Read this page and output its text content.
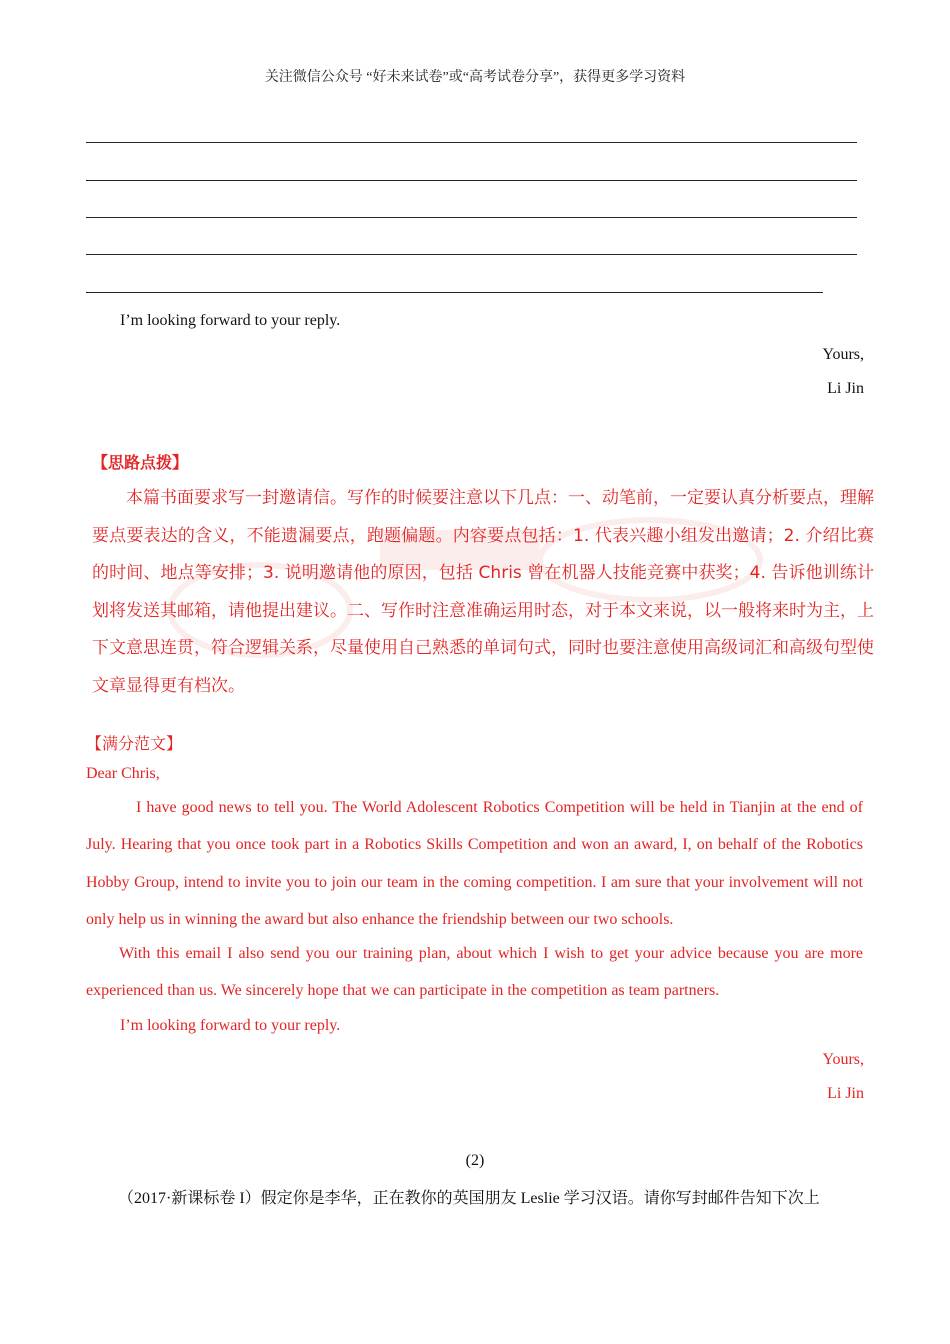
关注微信公众号 “好未来试卷”或“高考试卷分享”，获得更多学习资料
I’m looking forward to your reply.
Yours,
Li Jin
【思路点拨】
本篇书面要求写一封邀请信。写作的时候要注意以下几点：一、动笔前，一定要认真分析要点，理解要点要表达的含义，不能遗漏要点，跑题偏题。内容要点包括：1. 代表兴趣小组发出邀请；2. 介绍比赛的时间、地点等安排；3. 说明邀请他的原因，包括 Chris 曾在机器人技能竞赛中获奖；4. 告诉他训练计划将发送其邮箱，请他提出建议。二、写作时注意准确运用时态，对于本文来说，以一般将来时为主，上下文意思连贯，符合逻辑关系，尽量使用自己熟悉的单词句式，同时也要注意使用高级词汇和高级句型使文章显得更有档次。
【满分范文】
Dear Chris,
I have good news to tell you. The World Adolescent Robotics Competition will be held in Tianjin at the end of July. Hearing that you once took part in a Robotics Skills Competition and won an award, I, on behalf of the Robotics Hobby Group, intend to invite you to join our team in the coming competition. I am sure that your involvement will not only help us in winning the award but also enhance the friendship between our two schools.
With this email I also send you our training plan, about which I wish to get your advice because you are more experienced than us. We sincerely hope that we can participate in the competition as team partners.
I’m looking forward to your reply.
Yours,
Li Jin
(2)
（2017·新课标卷 I）假定你是李华，正在教你的英国朋友 Leslie 学习汉语。请你写封邮件告知下次上
